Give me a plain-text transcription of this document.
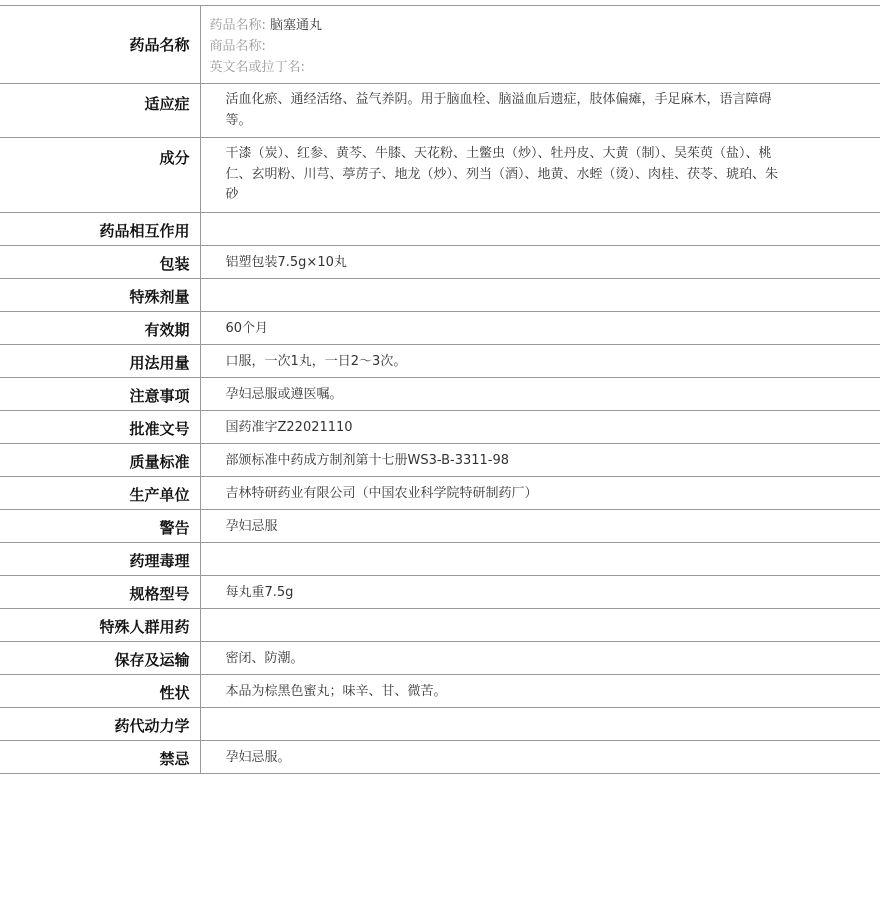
药品名称	药品名称: 脑塞通丸
商品名称:
英文名或拉丁名:

适应症	活血化瘀、通经活络、益气养阴。用于脑血栓、脑溢血后遗症，肢体偏瘫，手足麻木，语言障碍等。

成分	干漆（炭）、红参、黄芩、牛膝、天花粉、土鳖虫（炒）、牡丹皮、大黄（制）、吴茱萸（盐）、桃仁、玄明粉、川芎、葶苈子、地龙（炒）、列当（酒）、地黄、水蛭（烫）、肉桂、茯苓、琥珀、朱砂

药品相互作用	
包装	铝塑包装7.5g×10丸
特殊剂量	
有效期	60个月
用法用量	口服，一次1丸，一日2～3次。
注意事项	孕妇忌服或遵医嘱。
批准文号	国药准字Z22021110
质量标准	部颁标准中药成方制剂第十七册WS3-B-3311-98
生产单位	吉林特研药业有限公司（中国农业科学院特研制药厂）
警告	孕妇忌服
药理毒理	
规格型号	每丸重7.5g
特殊人群用药	
保存及运输	密闭、防潮。
性状	本品为棕黑色蜜丸；味辛、甘、微苦。
药代动力学	
禁忌	孕妇忌服。
